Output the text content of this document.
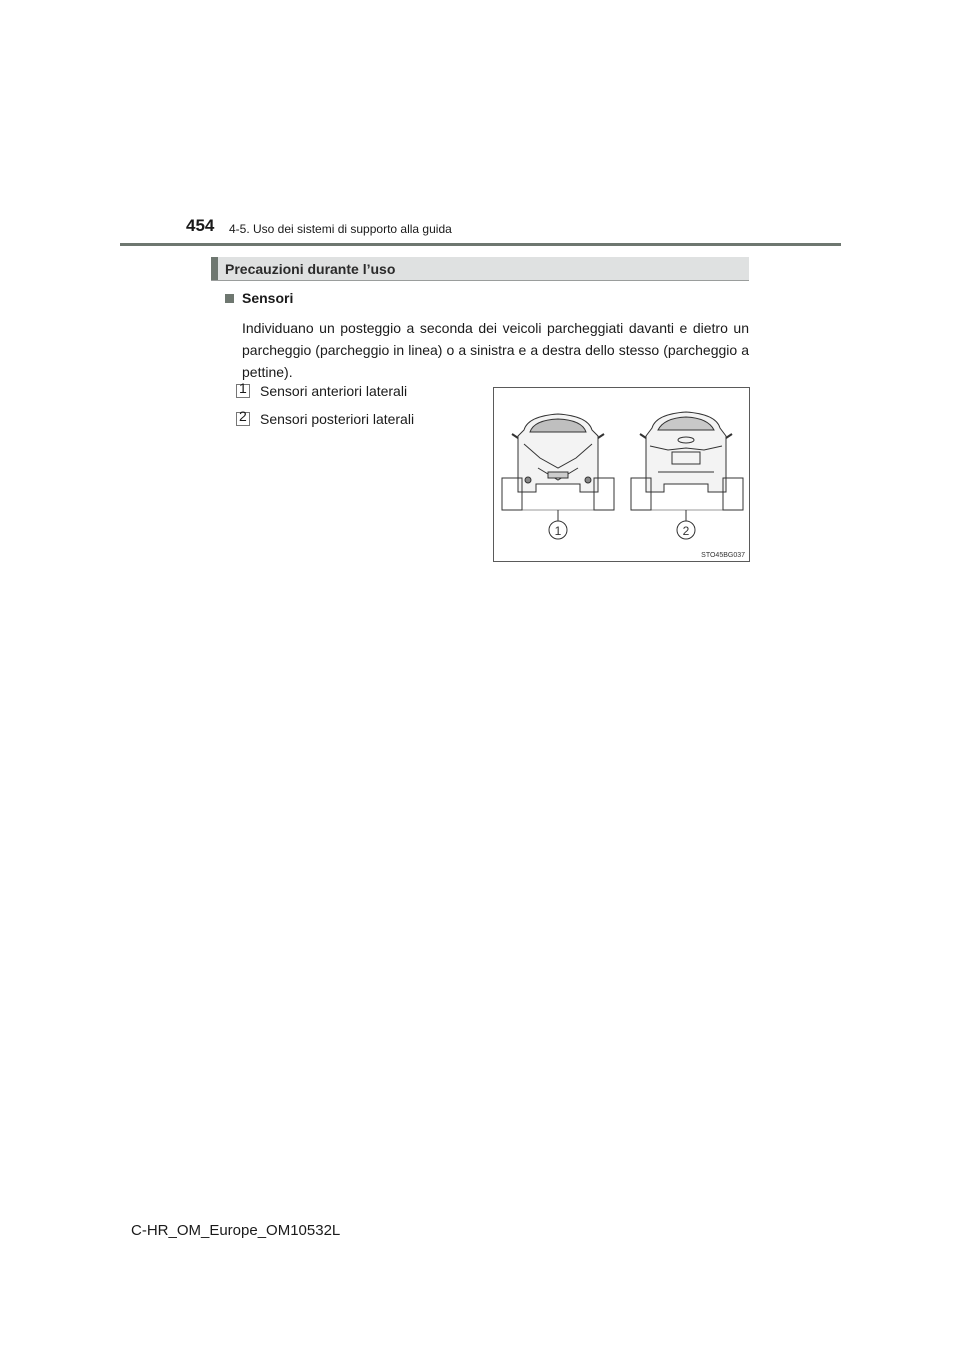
454 4-5. Uso dei sistemi di supporto alla guida
Precauzioni durante l’uso
Sensori
Individuano un posteggio a seconda dei veicoli parcheggiati davanti e dietro un parcheggio (parcheggio in linea) o a sinistra e a destra dello stesso (parcheggio a pettine).
1 Sensori anteriori laterali
2 Sensori posteriori laterali
1	2
STO45BG037
C-HR_OM_Europe_OM10532L
